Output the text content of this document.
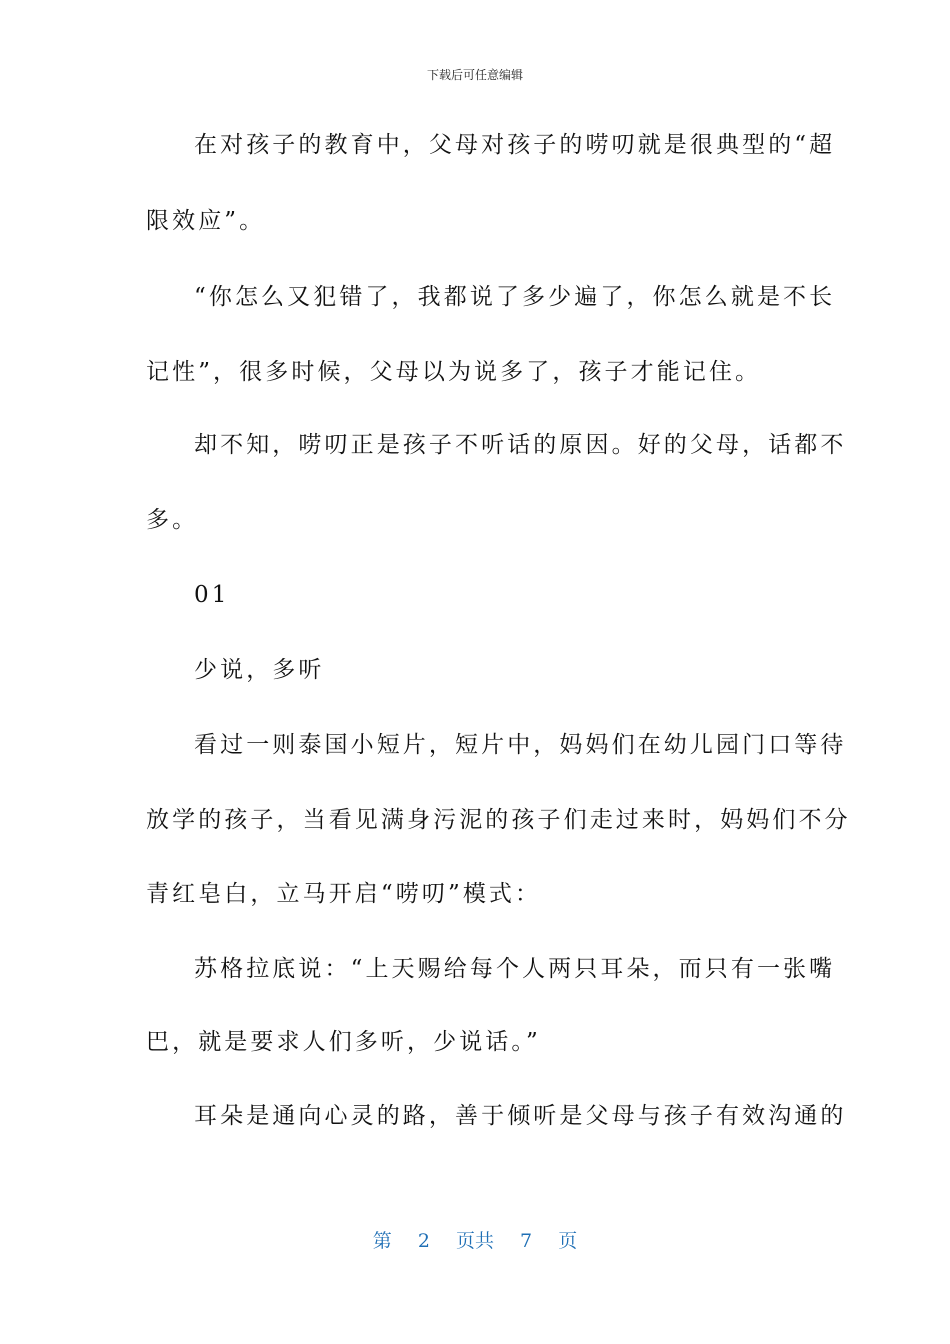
下载后可任意编辑
在对孩子的教育中，父母对孩子的唠叨就是很典型的“超
限效应”。
“你怎么又犯错了，我都说了多少遍了，你怎么就是不长
记性”，很多时候，父母以为说多了，孩子才能记住。
却不知，唠叨正是孩子不听话的原因。好的父母，话都不
多。
01
少说，多听
看过一则泰国小短片，短片中，妈妈们在幼儿园门口等待
放学的孩子，当看见满身污泥的孩子们走过来时，妈妈们不分
青红皂白，立马开启“唠叨”模式：
苏格拉底说：“上天赐给每个人两只耳朵，而只有一张嘴
巴，就是要求人们多听，少说话。”
耳朵是通向心灵的路，善于倾听是父母与孩子有效沟通的
第 2 页共 7 页
